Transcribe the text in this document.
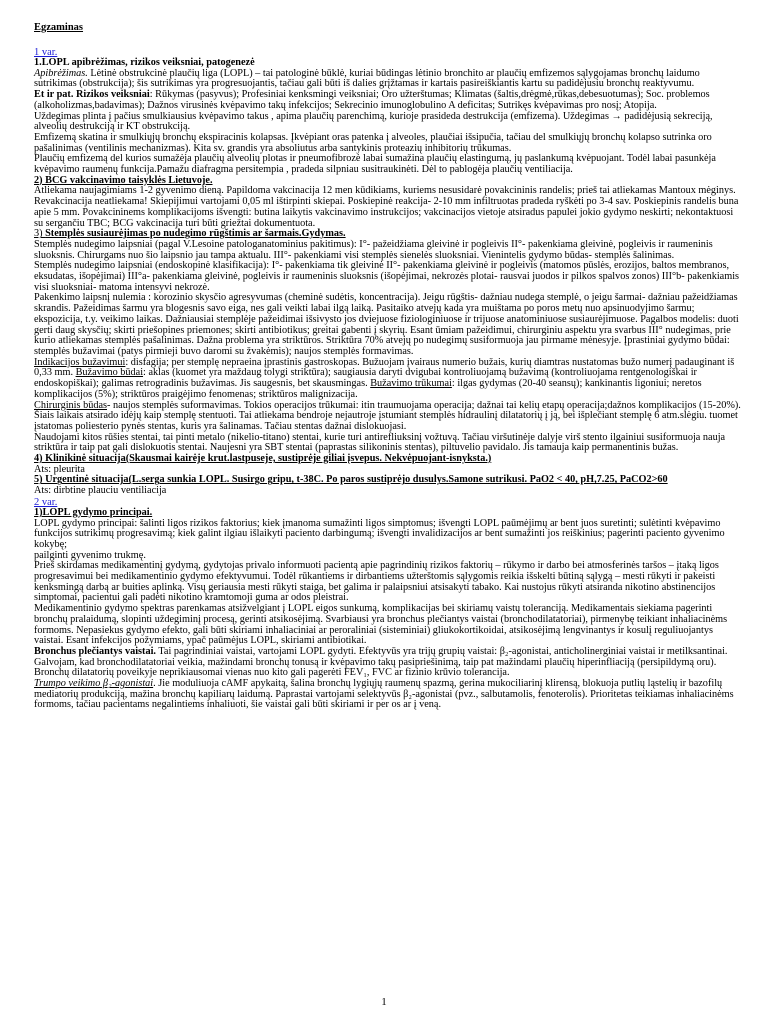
Egzaminas

1 var.

1.LOPL apibrėžimas, rizikos veiksniai, patogenezė

Apibrėžimas. Lėtinė obstrukcinė plaučių liga (LOPL) – tai patologinė būklė, kuriai būdingas lėtinio bronchito ar plaučių emfizemos sąlygojamas bronchų laidumo sutrikimas (obstrukcija); šis sutrikimas yra progresuojantis, tačiau gali būti iš dalies grįžtamas ir kartais pasireiškiantis kartu su padidėjusiu bronchų reaktyvumu.

Et ir pat. Rizikos veiksniai: Rūkymas (pasyvus); Profesiniai kenksmingi veiksniai; Oro užterštumas; Klimatas (šaltis,drėgmė,rūkas,debesuotumas); Soc. problemos (alkoholizmas,badavimas); Dažnos virusinės kvėpavimo takų infekcijos; Sekrecinio imunoglobulino A deficitas; Sutrikęs kvėpavimas pro nosį; Atopija.

Uždegimas plinta į pačius smulkiausius kvėpavimo takus , apima plaučių parenchimą, kurioje prasideda destrukcija (emfizema). Uždegimas → padidėjusią sekreciją, alveolių destrukciją ir KT obstrukciją.

Emfizemą skatina ir smulkiųjų bronchų ekspiracinis kolapsas. Įkvėpiant oras patenka į alveoles, plaučiai išsipučia, tačiau del smulkiųjų bronchų kolapso sutrinka oro pašalinimas (ventilinis mechanizmas). Kita sv. grandis yra absoliutus arba santykinis proteazių inhibitorių trūkumas.

Plaučių emfizemą del kurios sumažėja plaučių alveolių plotas ir pneumofibrozė labai sumažina plaučių elastingumą, jų paslankumą kvėpuojant. Todėl labai pasunkėja kvėpavimo raumenų funkcija.Pamažu diafragma persitempia , pradeda silpniau susitraukinėti. Dėl to pablogėja plaučių ventiliacija.

2) BCG vakcinavimo taisyklės Lietuvoje.

Atliekama naujagimiams 1-2 gyvenimo dieną. Papildoma vakcinacija 12 men kūdikiams, kuriems nesusidarė povakcininis randelis; prieš tai atliekamas Mantoux mėginys. Revakcinacija neatliekama! Skiepijimui vartojami 0,05 ml ištirpinti skiepai. Poskiepinė reakcija- 2-10 mm infiltruotas pradeda ryškėti po 3-4 sav. Poskiepinis randelis buna apie 5 mm. Povakcininems komplikacijoms išvengti: butina laikytis vakcinavimo instrukcijos; vakcinacijos vietoje atsiradus papulei jokio gydymo neskirti; nekontaktuosi su sergančiu TBC; BCG vakcinacija turi būti griežtai dokumentuota.

3) Stemplės susiaurėjimas po nudegimo rūgštimis ar šarmais.Gydymas.

Stemplės nudegimo laipsniai (pagal V.Lesoine patologanatominius pakitimus): I°- pažeidžiama gleivinė ir pogleivis II°- pakenkiama gleivinė, pogleivis ir raumeninis sluoksnis. Chirurgams nuo šio laipsnio jau tampa aktualu. III°- pakenkiami visi stemplės sienelės sluoksniai. Vienintelis gydymo būdas- stemplės šalinimas.

Stemplės nudegimo laipsniai (endoskopinė klasifikacija): I°- pakenkiama tik gleivinė II°- pakenkiama gleivinė ir pogleivis (matomos pūslės, erozijos, baltos membranos, eksudatas, išopėjimai) III°a- pakenkiama gleivinė, pogleivis ir raumeninis sluoksnis (išopėjimai, nekrozės plotai- rausvai juodos ir pilkos spalvos zonos) III°b- pakenkiamis visi sluoksniai- matoma intensyvi nekrozė.

Pakenkimo laipsnį nulemia : korozinio skysčio agresyvumas (cheminė sudėtis, koncentracija). Jeigu rūgštis- dažniau nudega stemplė, o jeigu šarmai- dažniau pažeidžiamas skrandis. Pažeidimas šarmu yra blogesnis savo eiga, nes gali veikti labai ilgą laiką. Pasitaiko atvejų kada yra muištama po poros metų nuo apsinuodyjimo šarmu; ekspozicija, t.y. veikimo laikas. Dažniausiai stemplėje pažeidimai išsivysto jos dviejuose fiziologiniuose ir trijuose anatominiuose susiaurėjimuose. Pagalbos modelis: duoti gerti daug skysčių; skirti priešopines priemones; skirti antibiotikus; greitai gabenti į skyrių. Esant ūmiam pažeidimui, chirurginiu aspektu yra svarbus III° nudegimas, prie kurio atliekamas stemplės pašalinimas. Dažna problema yra striktūros. Striktūra 70% atvejų po nudegimų susiformuoja jau pirmame mėnesyje. Įprastiniai gydymo būdai: stemplės bužavimai (patys pirmieji buvo daromi su žvakėmis); naujos stemplės formavimas.

Indikacijos bužavimui: disfagija; per stemplę nepraeina įprastinis gastroskopas. Bužuojam įvairaus numerio bužais, kurių diamtras nustatomas bužo numerį padauginant iš 0,33 mm. Bužavimo būdai: aklas (kuomet yra maždaug tolygi striktūra); saugiausia daryti dvigubai kontroliuojamą bužavimą (kontroliuojama rentgenologiškai ir endoskopiškai); galimas retrogradinis bužavimas. Jis saugesnis, bet skausmingas. Bužavimo trūkumai: ilgas gydymas (20-40 seansų); kankinantis ligoniui; neretos komplikacijos (5%); striktūros praigėjimo fenomenas; striktūros malignizacija.

Chirurginis būdas- naujos stemplės suformavimas. Tokios operacijos trūkumai: itin traumuojama operacija; dažnai tai kelių etapų operacija;dažnos komplikacijos (15-20%).

Šiais laikais atsirado idėjų kaip stemplę stentuoti. Tai atliekama bendroje nejautroje įstumiant stemplės hidraulinį dilatatorių į ją, bei išplečiant stemplę 6 atm.slėgiu. tuomet įstatomas poliesterio pynės stentas, kuris yra šalinamas. Tačiau stentas dažnai dislokuojasi.

Naudojami kitos rūšies stentai, tai pinti metalo (nikelio-titano) stentai, kurie turi antirefliuksinį vožtuvą. Tačiau viršutinėje dalyje virš stento ilgainiui susiformuoja nauja striktūra ir taip pat gali dislokuotis stentai. Naujesni yra SBT stentai (paprastas silikoninis stentas), piltuvelio pavidalo. Jis tamauja kaip permanentinis bužas.

4) Klinikinė situacija(Skausmai kairėje krut.lastpuseje, sustiprėje giliai įsvepus. Nekvėpuojant-isnyksta.)

Ats: pleurita

5) Urgentinė situacija(L.serga sunkia LOPL. Susirgo gripu, t-38C. Po paros sustiprėjo dusulys.Samone sutrikusi. PaO2 < 40, pH,7.25, PaCO2>60

Ats: dirbtine plauciu ventiliacija

2 var.

1)LOPL gydymo principai.

LOPL gydymo principai: šalinti ligos rizikos faktorius; kiek įmanoma sumažinti ligos simptomus; išvengti LOPL paūmėjimų ar bent juos suretinti; sulėtinti kvėpavimo funkcijos sutrikimų progresavimą; kiek galint ilgiau išlaikyti paciento darbingumą; išvengti invalidizacijos ar bent sumažinti jos reiškinius; pagerinti paciento gyvenimo kokybę;

pailginti gyvenimo trukmę.

Prieš skirdamas medikamentinį gydymą, gydytojas privalo informuoti pacientą apie pagrindinių rizikos faktorių – rūkymo ir darbo bei atmosferinės taršos – įtaką ligos progresavimui bei medikamentinio gydymo efektyvumui. Todėl rūkantiems ir dirbantiems užterštomis sąlygomis reikia išskelti būtiną sąlygą – mesti rūkyti ir pakeisti kenksmingą darbą ar buities aplinką. Visų geriausia mesti rūkyti staiga, bet galima ir palaipsniui atsisakyti tabako. Kai nustojus rūkyti atsiranda nikotino abstinencijos simptomai, pacientui gali padėti nikotino kramtomoji guma ar odos pleistrai.

Medikamentinio gydymo spektras parenkamas atsižvelgiant į LOPL eigos sunkumą, komplikacijas bei skiriamų vaistų toleranciją. Medikamentais siekiama pagerinti bronchų pralaidumą, slopinti uždegiminį procesą, gerinti atsikosėjimą. Svarbiausi yra bronchus plečiantys vaistai (bronchodilatatoriai), pirmenybę teikiant inhaliacinėms formoms. Nepasiekus gydymo efekto, gali būti skiriami inhaliaciniai ar peroraliniai (sisteminiai) gliukokortikoidai, atsikosėjimą lengvinantys ir kosulį reguliuojantys vaistai. Esant infekcijos požymiams, ypač paūmėjus LOPL, skiriami antibiotikai.

Bronchus plečiantys vaistai. Tai pagrindiniai vaistai, vartojami LOPL gydyti. Efektyvūs yra trijų grupių vaistai: β₂-agonistai, anticholinerginiai vaistai ir metilksantinai. Galvojam, kad bronchodilatatoriai veikia, mažindami bronchų tonusą ir kvėpavimo takų pasipriešinimą, taip pat mažindami plaučių hiperinfliaciją (persipildymą oru). Bronchų dilatatorių poveikyje neprikiausomai vienas nuo kito gali pagerėti FEV₁, FVC ar fizinio krūvio tolerancija.

Trumpo veikimo β₂-agonistai. Jie moduliuoja cAMF apykaitą, šalina bronchų lygiųjų raumenų spazmą, gerina mukociliarinį klirensą, blokuoja putlių ląstelių ir bazofilų mediatorių produkciją, mažina bronchų kapiliarų laidumą. Paprastai vartojami selektyvūs β₂-agonistai (pvz., salbutamolis, fenoterolis). Prioritetas teikiamas inhaliacinėms formoms, tačiau pacientams negalintiems inhaliuoti, šie vaistai gali būti skiriami ir per os ar į veną.

1
